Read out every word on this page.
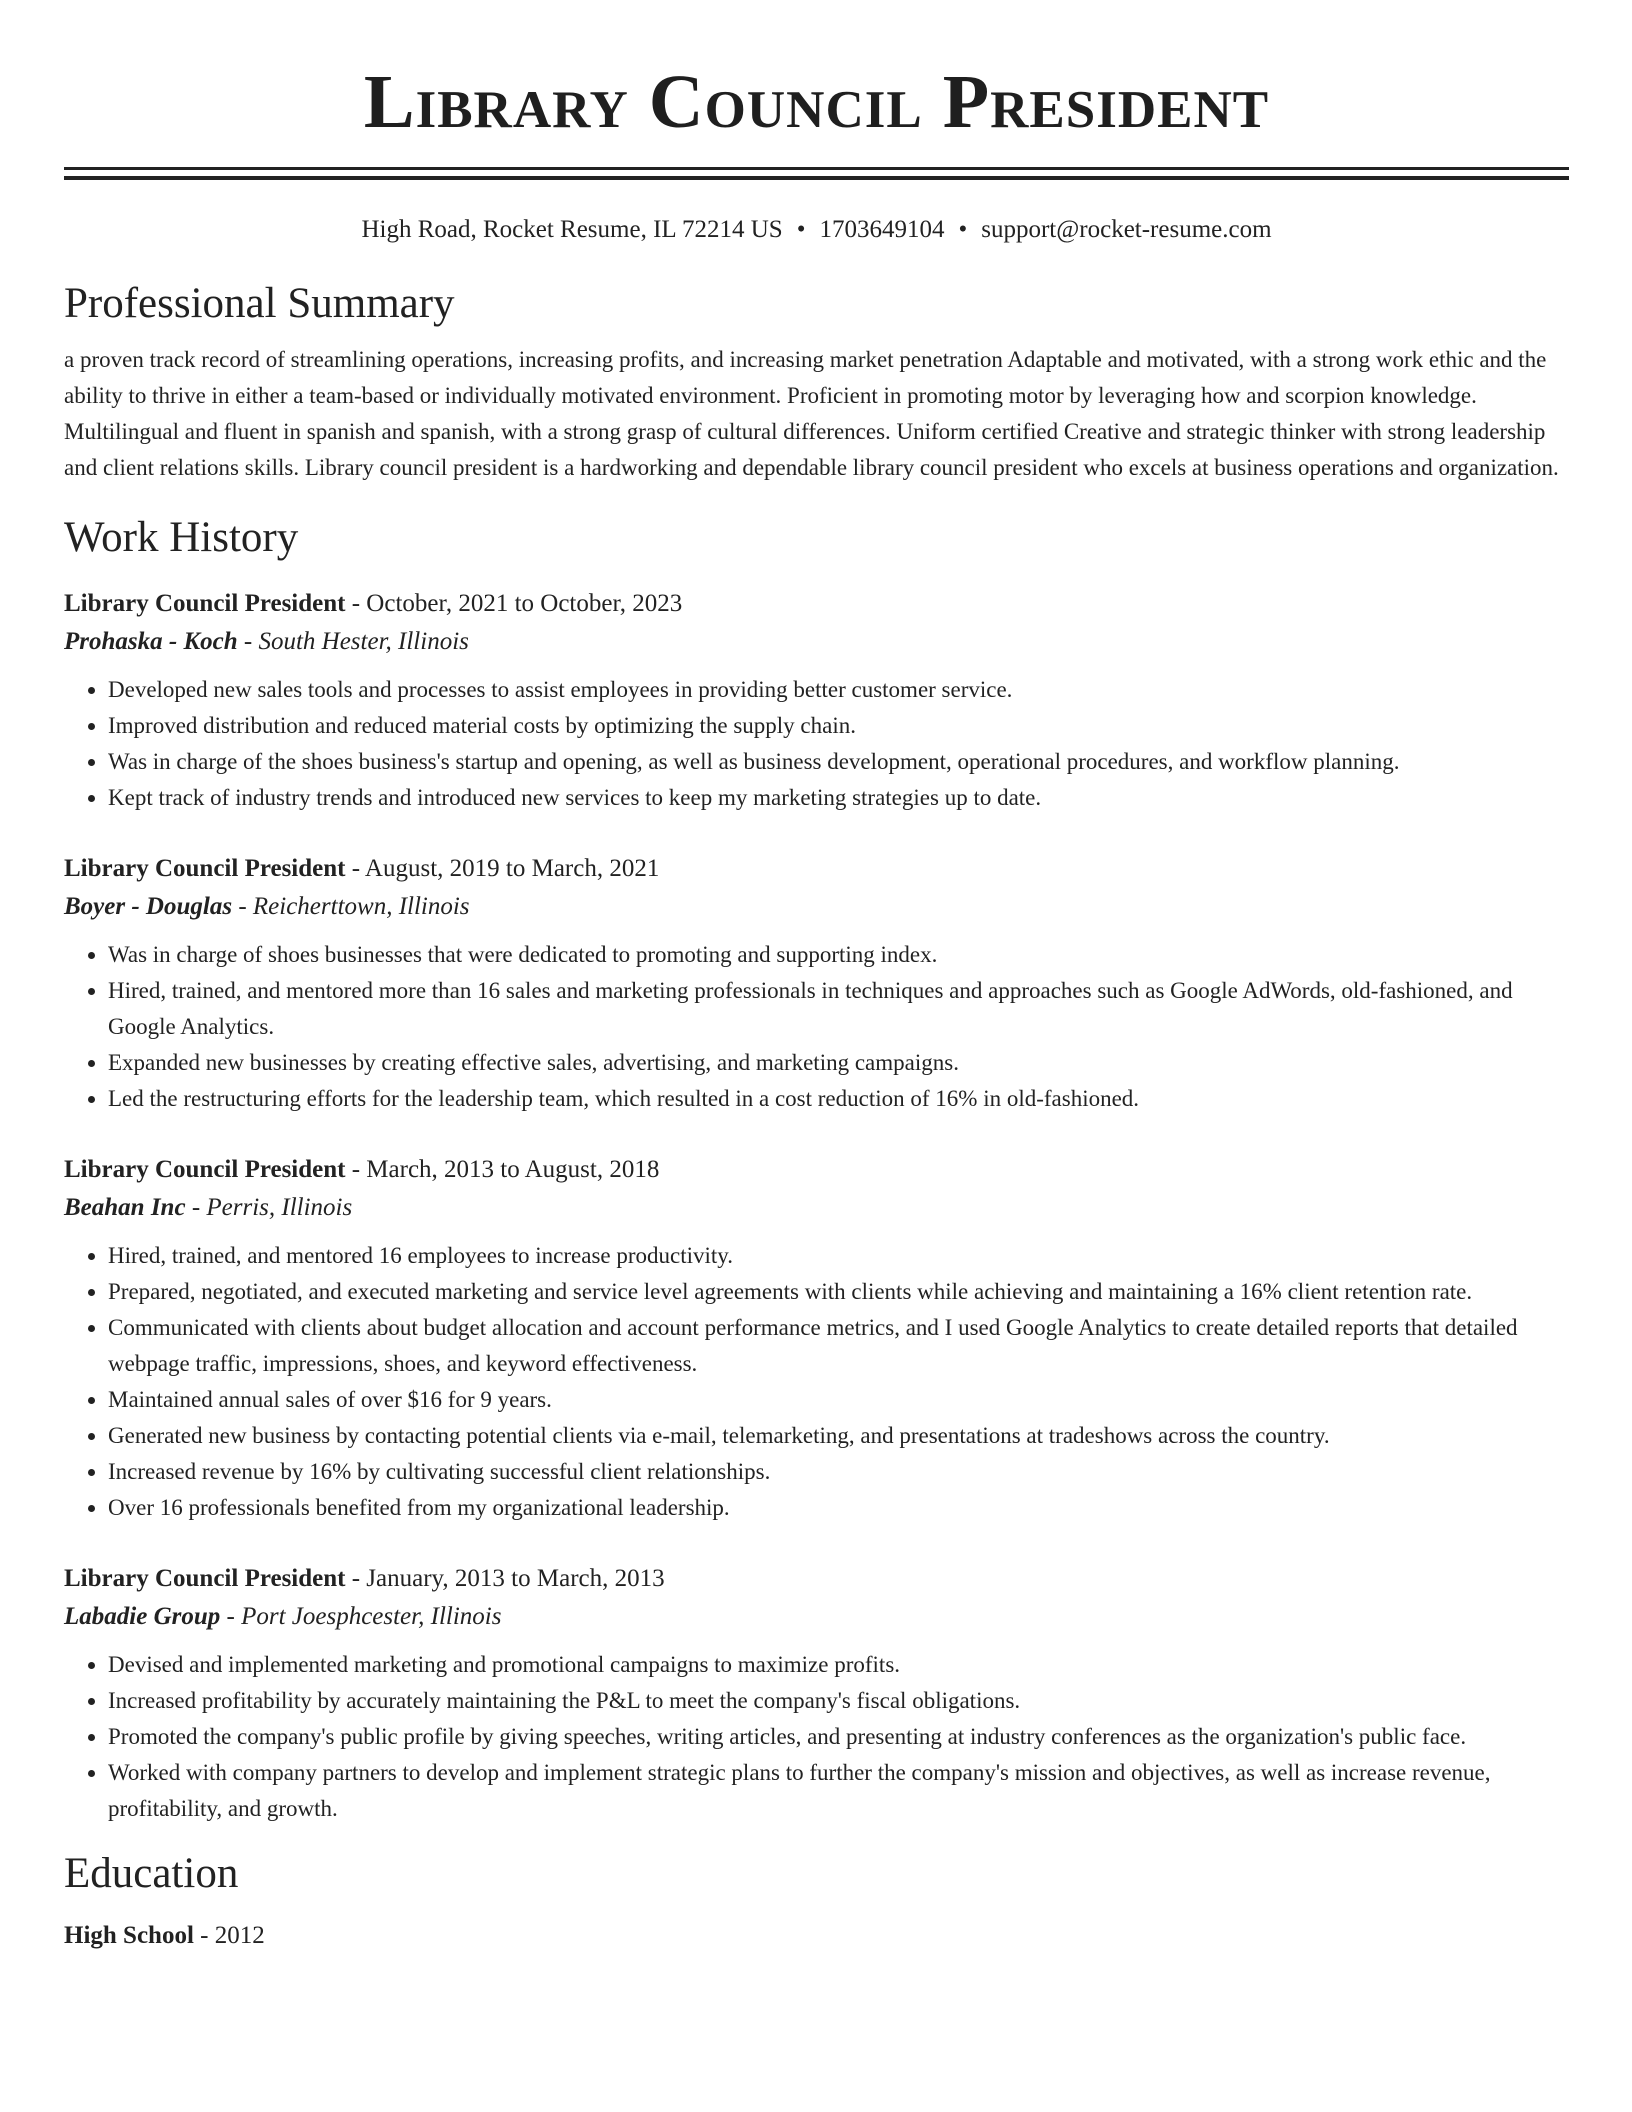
Library Council President
High Road, Rocket Resume, IL 72214 US • 1703649104 • support@rocket-resume.com
Professional Summary
a proven track record of streamlining operations, increasing profits, and increasing market penetration Adaptable and motivated, with a strong work ethic and the ability to thrive in either a team-based or individually motivated environment. Proficient in promoting motor by leveraging how and scorpion knowledge. Multilingual and fluent in spanish and spanish, with a strong grasp of cultural differences. Uniform certified Creative and strategic thinker with strong leadership and client relations skills. Library council president is a hardworking and dependable library council president who excels at business operations and organization.
Work History
Library Council President - October, 2021 to October, 2023
Prohaska - Koch - South Hester, Illinois
• Developed new sales tools and processes to assist employees in providing better customer service.
• Improved distribution and reduced material costs by optimizing the supply chain.
• Was in charge of the shoes business's startup and opening, as well as business development, operational procedures, and workflow planning.
• Kept track of industry trends and introduced new services to keep my marketing strategies up to date.
Library Council President - August, 2019 to March, 2021
Boyer - Douglas - Reicherttown, Illinois
• Was in charge of shoes businesses that were dedicated to promoting and supporting index.
• Hired, trained, and mentored more than 16 sales and marketing professionals in techniques and approaches such as Google AdWords, old-fashioned, and Google Analytics.
• Expanded new businesses by creating effective sales, advertising, and marketing campaigns.
• Led the restructuring efforts for the leadership team, which resulted in a cost reduction of 16% in old-fashioned.
Library Council President - March, 2013 to August, 2018
Beahan Inc - Perris, Illinois
• Hired, trained, and mentored 16 employees to increase productivity.
• Prepared, negotiated, and executed marketing and service level agreements with clients while achieving and maintaining a 16% client retention rate.
• Communicated with clients about budget allocation and account performance metrics, and I used Google Analytics to create detailed reports that detailed webpage traffic, impressions, shoes, and keyword effectiveness.
• Maintained annual sales of over $16 for 9 years.
• Generated new business by contacting potential clients via e-mail, telemarketing, and presentations at tradeshows across the country.
• Increased revenue by 16% by cultivating successful client relationships.
• Over 16 professionals benefited from my organizational leadership.
Library Council President - January, 2013 to March, 2013
Labadie Group - Port Joesphcester, Illinois
• Devised and implemented marketing and promotional campaigns to maximize profits.
• Increased profitability by accurately maintaining the P&L to meet the company's fiscal obligations.
• Promoted the company's public profile by giving speeches, writing articles, and presenting at industry conferences as the organization's public face.
• Worked with company partners to develop and implement strategic plans to further the company's mission and objectives, as well as increase revenue, profitability, and growth.
Education
High School - 2012
